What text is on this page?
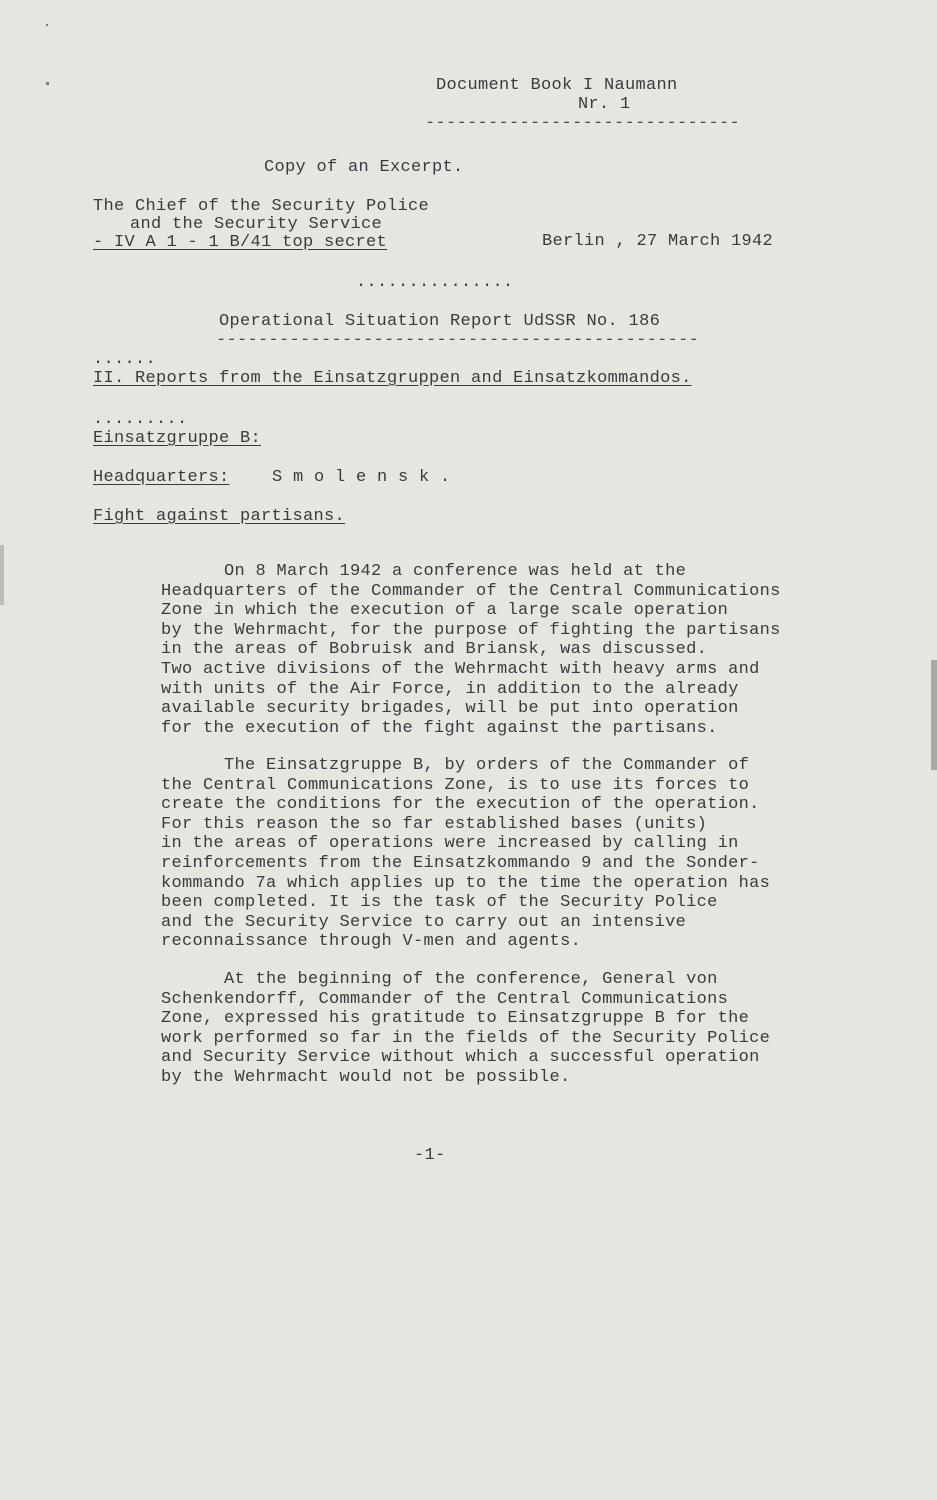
Document Book I Naumann
Nr. 1
------------------------------
Copy of an Excerpt.
The Chief of the Security Police
and the Security Service
- IV A 1 - 1 B/41 top secret	Berlin , 27 March 1942
...............
Operational Situation Report UdSSR No. 186
----------------------------------------------
......
II. Reports from the Einsatzgruppen and Einsatzkommandos.
.........
Einsatzgruppe B:
Headquarters: S m o l e n s k .
Fight against partisans.
On 8 March 1942 a conference was held at the
Headquarters of the Commander of the Central Communications
Zone in which the execution of a large scale operation
by the Wehrmacht, for the purpose of fighting the partisans
in the areas of Bobruisk and Briansk, was discussed.
Two active divisions of the Wehrmacht with heavy arms and
with units of the Air Force, in addition to the already
available security brigades, will be put into operation
for the execution of the fight against the partisans.
The Einsatzgruppe B, by orders of the Commander of
the Central Communications Zone, is to use its forces to
create the conditions for the execution of the operation.
For this reason the so far established bases (units)
in the areas of operations were increased by calling in
reinforcements from the Einsatzkommando 9 and the Sonder-
kommando 7a which applies up to the time the operation has
been completed. It is the task of the Security Police
and the Security Service to carry out an intensive
reconnaissance through V-men and agents.
At the beginning of the conference, General von
Schenkendorff, Commander of the Central Communications
Zone, expressed his gratitude to Einsatzgruppe B for the
work performed so far in the fields of the Security Police
and Security Service without which a successful operation
by the Wehrmacht would not be possible.
-1-
